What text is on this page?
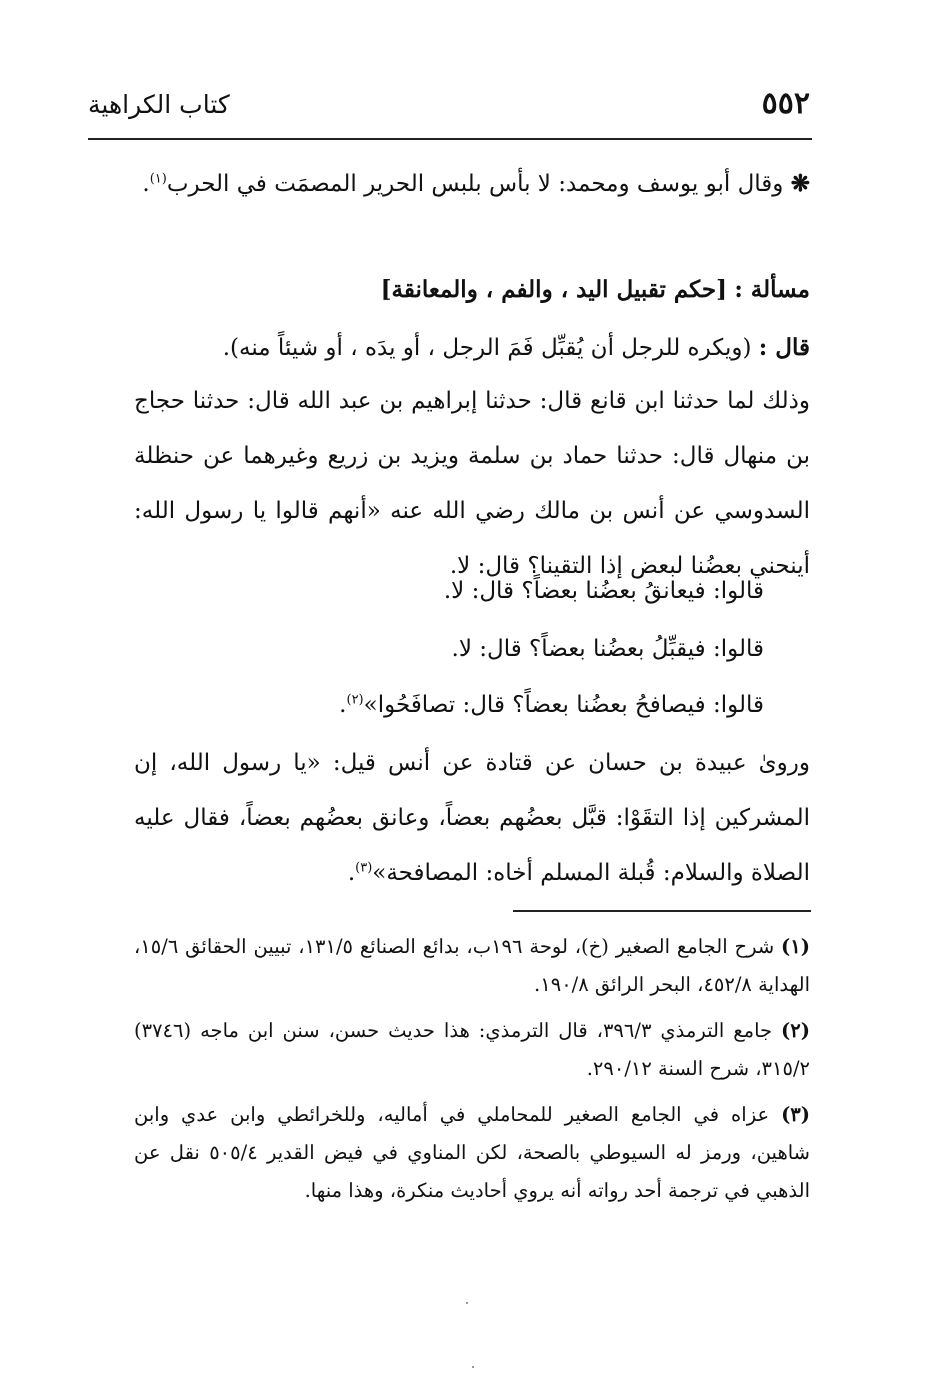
٥٥٢
كتاب الكراهية

❋ وقال أبو يوسف ومحمد: لا بأس بلبس الحرير المصمَت في الحرب$^{(١)}$.

مسألة : [حكم تقبيل اليد ، والفم ، والمعانقة]

قال : (ويكره للرجل أن يُقبِّل فَمَ الرجل ، أو يدَه ، أو شيئاً منه).

وذلك لما حدثنا ابن قانع قال: حدثنا إبراهيم بن عبد الله قال: حدثنا حجاج بن منهال قال: حدثنا حماد بن سلمة ويزيد بن زريع وغيرهما عن حنظلة السدوسي عن أنس بن مالك رضي الله عنه «أنهم قالوا يا رسول الله: أينحني بعضُنا لبعض إذا التقينا؟ قال: لا.

قالوا: فيعانقُ بعضُنا بعضاً؟ قال: لا.

قالوا: فيقبِّلُ بعضُنا بعضاً؟ قال: لا.

قالوا: فيصافحُ بعضُنا بعضاً؟ قال: تصافَحُوا»$^{(٢)}$.

وروىٰ عبيدة بن حسان عن قتادة عن أنس قيل: «يا رسول الله، إن المشركين إذا التقَوْا: قبَّل بعضُهم بعضاً، وعانق بعضُهم بعضاً، فقال عليه الصلاة والسلام: قُبلة المسلم أخاه: المصافحة»$^{(٣)}$.

(١) شرح الجامع الصغير (خ)، لوحة ١٩٦ب، بدائع الصنائع ١٣١/٥، تبيين الحقائق ١٥/٦، الهداية ٤٥٢/٨، البحر الرائق ١٩٠/٨.

(٢) جامع الترمذي ٣٩٦/٣، قال الترمذي: هذا حديث حسن، سنن ابن ماجه (٣٧٤٦) ٣١٥/٢، شرح السنة ٢٩٠/١٢.

(٣) عزاه في الجامع الصغير للمحاملي في أماليه، وللخرائطي وابن عدي وابن شاهين، ورمز له السيوطي بالصحة، لكن المناوي في فيض القدير ٥٠٥/٤ نقل عن الذهبي في ترجمة أحد رواته أنه يروي أحاديث منكرة، وهذا منها.
